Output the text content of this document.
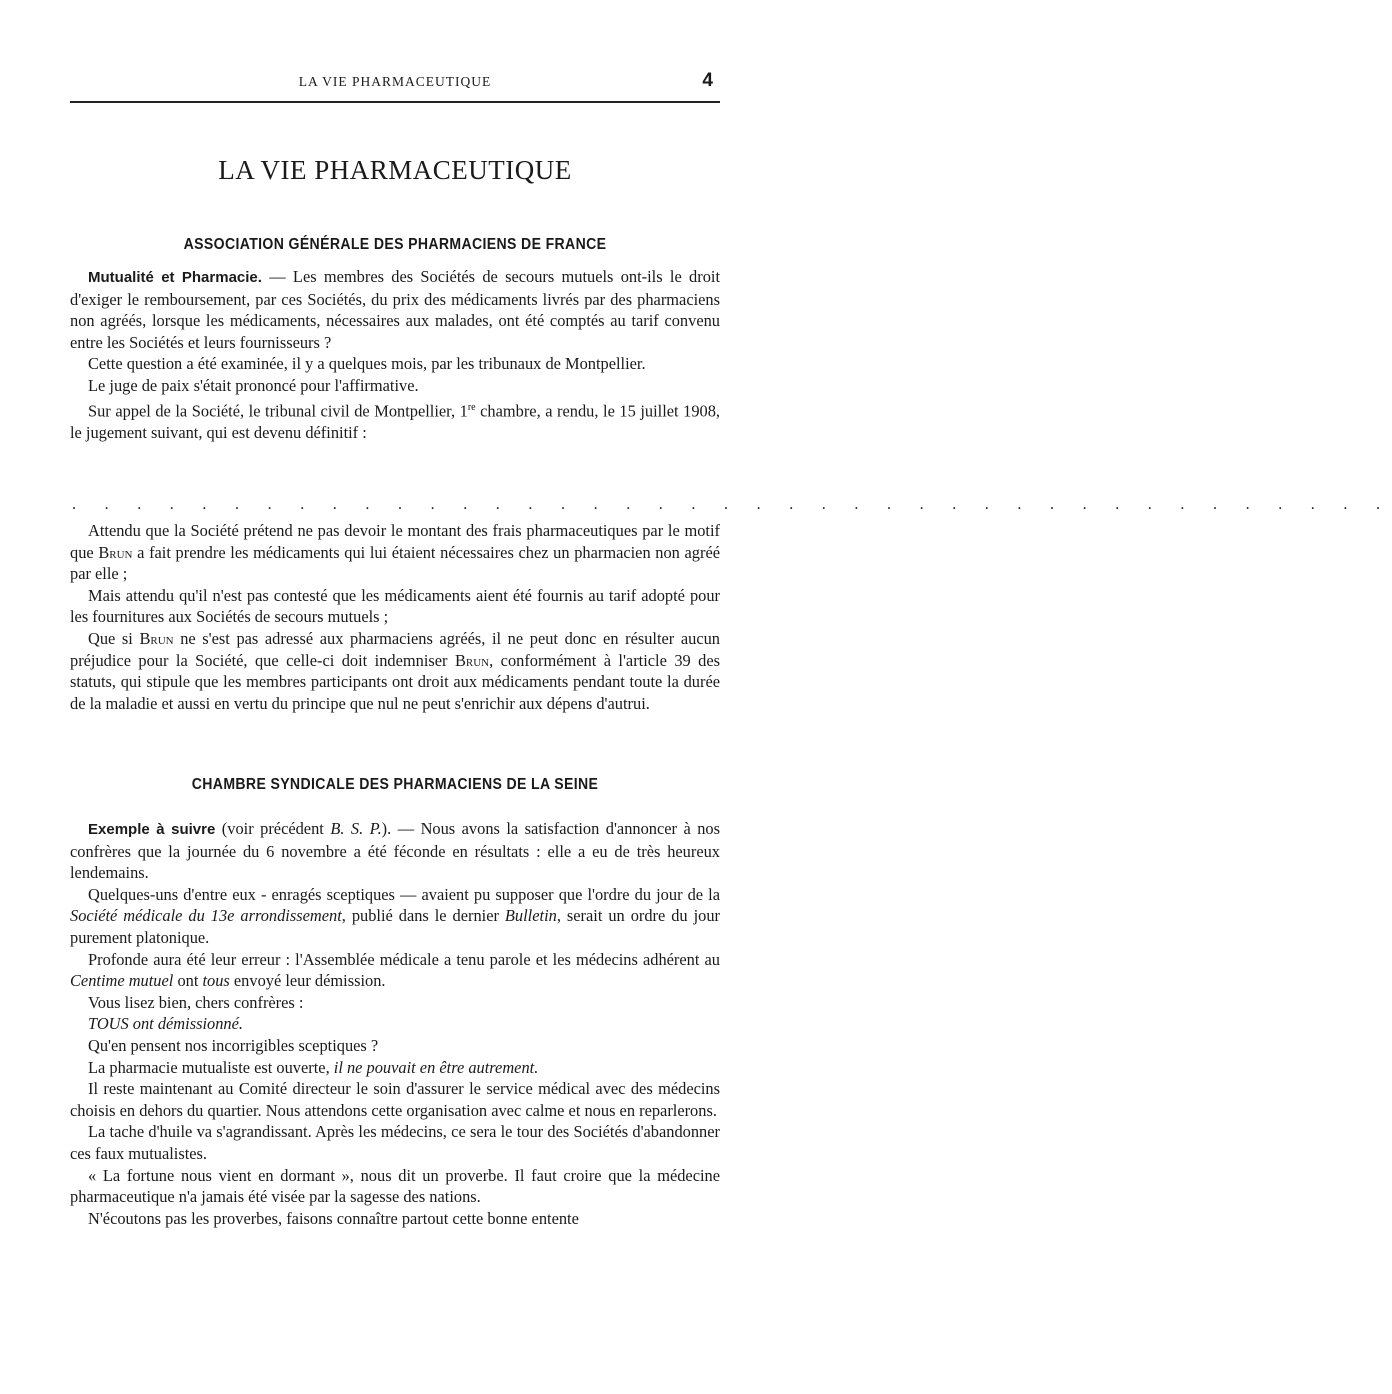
LA VIE PHARMACEUTIQUE	4
LA VIE PHARMACEUTIQUE
ASSOCIATION GÉNÉRALE DES PHARMACIENS DE FRANCE

Mutualité et Pharmacie. — Les membres des Sociétés de secours mutuels ont-ils le droit d'exiger le remboursement, par ces Sociétés, du prix des médicaments livrés par des pharmaciens non agréés, lorsque les médicaments, nécessaires aux malades, ont été comptés au tarif convenu entre les Sociétés et leurs fournisseurs ?

Cette question a été examinée, il y a quelques mois, par les tribunaux de Montpellier.

Le juge de paix s'était prononcé pour l'affirmative.

Sur appel de la Société, le tribunal civil de Montpellier, 1re chambre, a rendu, le 15 juillet 1908, le jugement suivant, qui est devenu définitif :

. . . . . . . . . . . . . . . . . . . . . . . . . . . . . . . . . . . . . . . . .

Attendu que la Société prétend ne pas devoir le montant des frais pharmaceutiques par le motif que Brun a fait prendre les médicaments qui lui étaient nécessaires chez un pharmacien non agréé par elle ;

Mais attendu qu'il n'est pas contesté que les médicaments aient été fournis au tarif adopté pour les fournitures aux Sociétés de secours mutuels ;

Que si Brun ne s'est pas adressé aux pharmaciens agréés, il ne peut donc en résulter aucun préjudice pour la Société, que celle-ci doit indemniser Brun, conformément à l'article 39 des statuts, qui stipule que les membres participants ont droit aux médicaments pendant toute la durée de la maladie et aussi en vertu du principe que nul ne peut s'enrichir aux dépens d'autrui.

CHAMBRE SYNDICALE DES PHARMACIENS DE LA SEINE

Exemple à suivre (voir précédent B. S. P.). — Nous avons la satisfaction d'annoncer à nos confrères que la journée du 6 novembre a été féconde en résultats : elle a eu de très heureux lendemains.

Quelques-uns d'entre eux - enragés sceptiques — avaient pu supposer que l'ordre du jour de la Société médicale du 13e arrondissement, publié dans le dernier Bulletin, serait un ordre du jour purement platonique.

Profonde aura été leur erreur : l'Assemblée médicale a tenu parole et les médecins adhérent au Centime mutuel ont tous envoyé leur démission.

Vous lisez bien, chers confrères :

TOUS ont démissionné.

Qu'en pensent nos incorrigibles sceptiques ?

La pharmacie mutualiste est ouverte, il ne pouvait en être autrement.

Il reste maintenant au Comité directeur le soin d'assurer le service médical avec des médecins choisis en dehors du quartier. Nous attendons cette organisation avec calme et nous en reparlerons.

La tache d'huile va s'agrandissant. Après les médecins, ce sera le tour des Sociétés d'abandonner ces faux mutualistes.

« La fortune nous vient en dormant », nous dit un proverbe. Il faut croire que la médecine pharmaceutique n'a jamais été visée par la sagesse des nations.

N'écoutons pas les proverbes, faisons connaître partout cette bonne entente
